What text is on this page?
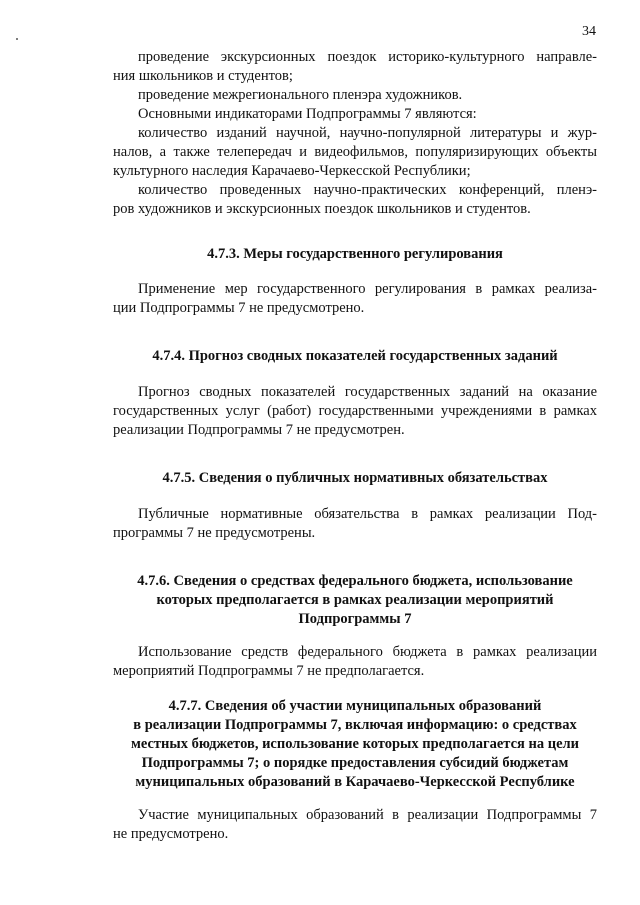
34
проведение экскурсионных поездок историко-культурного направле-
ния школьников и студентов;
проведение межрегионального пленэра художников.
Основными индикаторами Подпрограммы 7 являются:
количество изданий научной, научно-популярной литературы и жур-
налов, а также телепередач и видеофильмов, популяризирующих объекты
культурного наследия Карачаево-Черкесской Республики;
количество проведенных научно-практических конференций, пленэ-
ров художников и экскурсионных поездок школьников и студентов.
4.7.3. Меры государственного регулирования
Применение мер государственного регулирования в рамках реализа-
ции Подпрограммы 7 не предусмотрено.
4.7.4. Прогноз сводных показателей государственных заданий
Прогноз сводных показателей государственных заданий на оказание
государственных услуг (работ) государственными учреждениями в рамках
реализации Подпрограммы 7 не предусмотрен.
4.7.5. Сведения о публичных нормативных обязательствах
Публичные нормативные обязательства в рамках реализации Под-
программы 7 не предусмотрены.
4.7.6. Сведения о средствах федерального бюджета, использование
которых предполагается в рамках реализации мероприятий
Подпрограммы 7
Использование средств федерального бюджета в рамках реализации
мероприятий Подпрограммы 7 не предполагается.
4.7.7. Сведения об участии муниципальных образований
в реализации Подпрограммы 7, включая информацию: о средствах
местных бюджетов, использование которых предполагается на цели
Подпрограммы 7; о порядке предоставления субсидий бюджетам
муниципальных образований в Карачаево-Черкесской Республике
Участие муниципальных образований в реализации Подпрограммы 7
не предусмотрено.
